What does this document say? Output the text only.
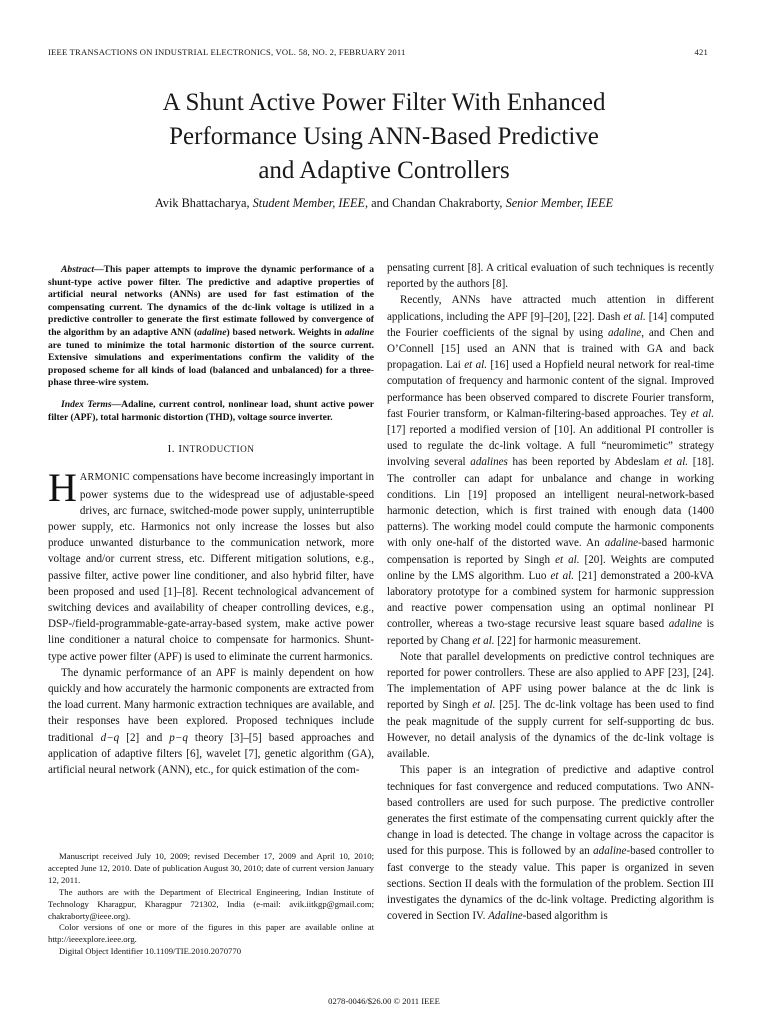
IEEE TRANSACTIONS ON INDUSTRIAL ELECTRONICS, VOL. 58, NO. 2, FEBRUARY 2011	421
A Shunt Active Power Filter With Enhanced
Performance Using ANN-Based Predictive
and Adaptive Controllers
Avik Bhattacharya, Student Member, IEEE, and Chandan Chakraborty, Senior Member, IEEE

Abstract—This paper attempts to improve the dynamic performance of a shunt-type active power filter. The predictive and adaptive properties of artificial neural networks (ANNs) are used for fast estimation of the compensating current. The dynamics of the dc-link voltage is utilized in a predictive controller to generate the first estimate followed by convergence of the algorithm by an adaptive ANN (adaline) based network. Weights in adaline are tuned to minimize the total harmonic distortion of the source current. Extensive simulations and experimentations confirm the validity of the proposed scheme for all kinds of load (balanced and unbalanced) for a three-phase three-wire system.

Index Terms—Adaline, current control, nonlinear load, shunt active power filter (APF), total harmonic distortion (THD), voltage source inverter.

I. INTRODUCTION

HARMONIC compensations have become increasingly important in power systems due to the widespread use of adjustable-speed drives, arc furnace, switched-mode power supply, uninterruptible power supply, etc. Harmonics not only increase the losses but also produce unwanted disturbance to the communication network, more voltage and/or current stress, etc. Different mitigation solutions, e.g., passive filter, active power line conditioner, and also hybrid filter, have been proposed and used [1]–[8]. Recent technological advancement of switching devices and availability of cheaper controlling devices, e.g., DSP-/field-programmable-gate-array-based system, make active power line conditioner a natural choice to compensate for harmonics. Shunt-type active power filter (APF) is used to eliminate the current harmonics.

The dynamic performance of an APF is mainly dependent on how quickly and how accurately the harmonic components are extracted from the load current. Many harmonic extraction techniques are available, and their responses have been explored. Proposed techniques include traditional d−q [2] and p−q theory [3]–[5] based approaches and application of adaptive filters [6], wavelet [7], genetic algorithm (GA), artificial neural network (ANN), etc., for quick estimation of the com-

Manuscript received July 10, 2009; revised December 17, 2009 and April 10, 2010; accepted June 12, 2010. Date of publication August 30, 2010; date of current version January 12, 2011.

The authors are with the Department of Electrical Engineering, Indian Institute of Technology Kharagpur, Kharagpur 721302, India (e-mail: avik.iitkgp@gmail.com; chakraborty@ieee.org).

Color versions of one or more of the figures in this paper are available online at http://ieeexplore.ieee.org.

Digital Object Identifier 10.1109/TIE.2010.2070770

pensating current [8]. A critical evaluation of such techniques is recently reported by the authors [8].

Recently, ANNs have attracted much attention in different applications, including the APF [9]–[20], [22]. Dash et al. [14] computed the Fourier coefficients of the signal by using adaline, and Chen and O’Connell [15] used an ANN that is trained with GA and back propagation. Lai et al. [16] used a Hopfield neural network for real-time computation of frequency and harmonic content of the signal. Improved performance has been observed compared to discrete Fourier transform, fast Fourier transform, or Kalman-filtering-based approaches. Tey et al. [17] reported a modified version of [10]. An additional PI controller is used to regulate the dc-link voltage. A full “neuromimetic” strategy involving several adalines has been reported by Abdeslam et al. [18]. The controller can adapt for unbalance and change in working conditions. Lin [19] proposed an intelligent neural-network-based harmonic detection, which is first trained with enough data (1400 patterns). The working model could compute the harmonic components with only one-half of the distorted wave. An adaline-based harmonic compensation is reported by Singh et al. [20]. Weights are computed online by the LMS algorithm. Luo et al. [21] demonstrated a 200-kVA laboratory prototype for a combined system for harmonic suppression and reactive power compensation using an optimal nonlinear PI controller, whereas a two-stage recursive least square based adaline is reported by Chang et al. [22] for harmonic measurement.

Note that parallel developments on predictive control techniques are reported for power controllers. These are also applied to APF [23], [24]. The implementation of APF using power balance at the dc link is reported by Singh et al. [25]. The dc-link voltage has been used to find the peak magnitude of the supply current for self-supporting dc bus. However, no detail analysis of the dynamics of the dc-link voltage is available.

This paper is an integration of predictive and adaptive control techniques for fast convergence and reduced computations. Two ANN-based controllers are used for such purpose. The predictive controller generates the first estimate of the compensating current quickly after the change in load is detected. The change in voltage across the capacitor is used for this purpose. This is followed by an adaline-based controller to fast converge to the steady value. This paper is organized in seven sections. Section II deals with the formulation of the problem. Section III investigates the dynamics of the dc-link voltage. Predicting algorithm is covered in Section IV. Adaline-based algorithm is

0278-0046/$26.00 © 2011 IEEE
